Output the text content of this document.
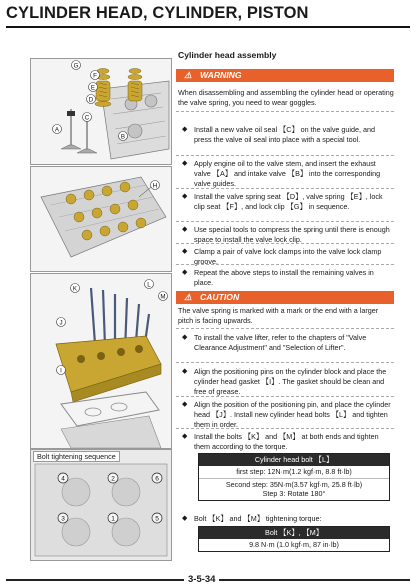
CYLINDER HEAD, CYLINDER, PISTON
G
F
E
D
C
A
B
H
K
L
M
J
I
Bolt tightening sequence
4	2	6
3	1	5
Cylinder head assembly
⚠ WARNING
When disassembling and assembling the cylinder head or operating the valve spring, you need to wear goggles.
◆ Install a new valve oil seal 【C】 on the valve guide, and press the valve oil seal into place with a special tool.
◆ Apply engine oil to the valve stem, and insert the exhaust valve 【A】 and intake valve 【B】 into the corresponding valve guides.
◆ Install the valve spring seat 【D】, valve spring 【E】, lock clip seat 【F】, and lock clip 【G】 in sequence.
◆ Use special tools to compress the spring until there is enough space to install the valve lock clip.
◆ Clamp a pair of valve lock clamps into the valve lock clamp groove.
◆ Repeat the above steps to install the remaining valves in place.
⚠ CAUTION
The valve spring is marked with a mark or the end with a larger pitch is facing upwards.
◆ To install the valve lifter, refer to the chapters of "Valve Clearance Adjustment" and "Selection of Lifter".
◆ Align the positioning pins on the cylinder block and place the cylinder head gasket 【I】. The gasket should be clean and free of grease.
◆ Align the position of the positioning pin, and place the cylinder head 【J】. Install new cylinder head bolts 【L】 and tighten them in order.
◆ Install the bolts 【K】 and 【M】 at both ends and tighten them according to the torque.
Cylinder head bolt 【L】
first step: 12N·m(1.2 kgf·m, 8.8 ft·lb)
Second step: 35N·m(3.57 kgf·m, 25.8 ft·lb)
Step 3: Rotate 180°
◆ Bolt 【K】 and 【M】 tightening torque:
Bolt 【K】, 【M】
9.8 N·m (1.0 kgf·m, 87 in·lb)
3-5-34
